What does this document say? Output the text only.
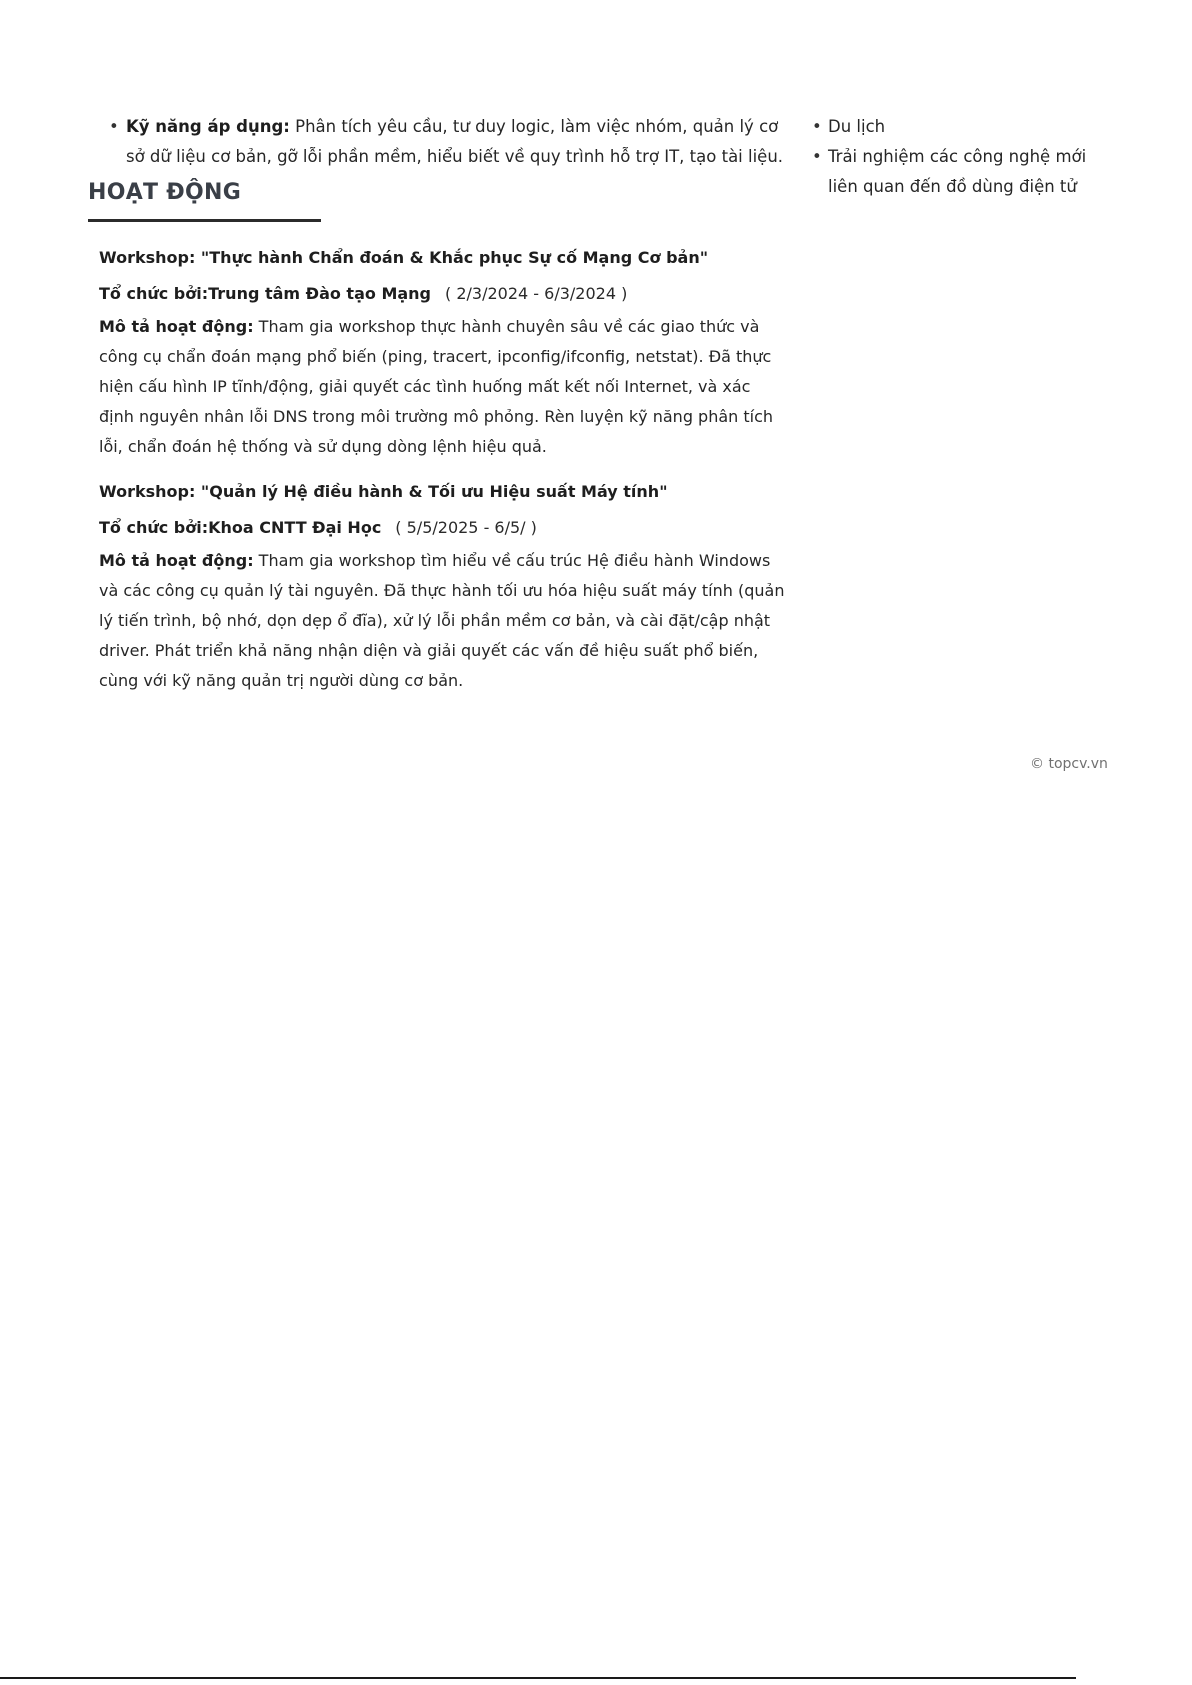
• Kỹ năng áp dụng: Phân tích yêu cầu, tư duy logic, làm việc nhóm, quản lý cơ sở dữ liệu cơ bản, gỡ lỗi phần mềm, hiểu biết về quy trình hỗ trợ IT, tạo tài liệu.
HOẠT ĐỘNG
Workshop: "Thực hành Chẩn đoán & Khắc phục Sự cố Mạng Cơ bản"
Tổ chức bởi:Trung tâm Đào tạo Mạng ( 2/3/2024 - 6/3/2024 )

Mô tả hoạt động: Tham gia workshop thực hành chuyên sâu về các giao thức và công cụ chẩn đoán mạng phổ biến (ping, tracert, ipconfig/ifconfig, netstat). Đã thực hiện cấu hình IP tĩnh/động, giải quyết các tình huống mất kết nối Internet, và xác định nguyên nhân lỗi DNS trong môi trường mô phỏng. Rèn luyện kỹ năng phân tích lỗi, chẩn đoán hệ thống và sử dụng dòng lệnh hiệu quả.

Workshop: "Quản lý Hệ điều hành & Tối ưu Hiệu suất Máy tính"
Tổ chức bởi:Khoa CNTT Đại Học ( 5/5/2025 - 6/5/ )

Mô tả hoạt động: Tham gia workshop tìm hiểu về cấu trúc Hệ điều hành Windows và các công cụ quản lý tài nguyên. Đã thực hành tối ưu hóa hiệu suất máy tính (quản lý tiến trình, bộ nhớ, dọn dẹp ổ đĩa), xử lý lỗi phần mềm cơ bản, và cài đặt/cập nhật driver. Phát triển khả năng nhận diện và giải quyết các vấn đề hiệu suất phổ biến, cùng với kỹ năng quản trị người dùng cơ bản.

• Du lịch
• Trải nghiệm các công nghệ mới liên quan đến đồ dùng điện tử
© topcv.vn
